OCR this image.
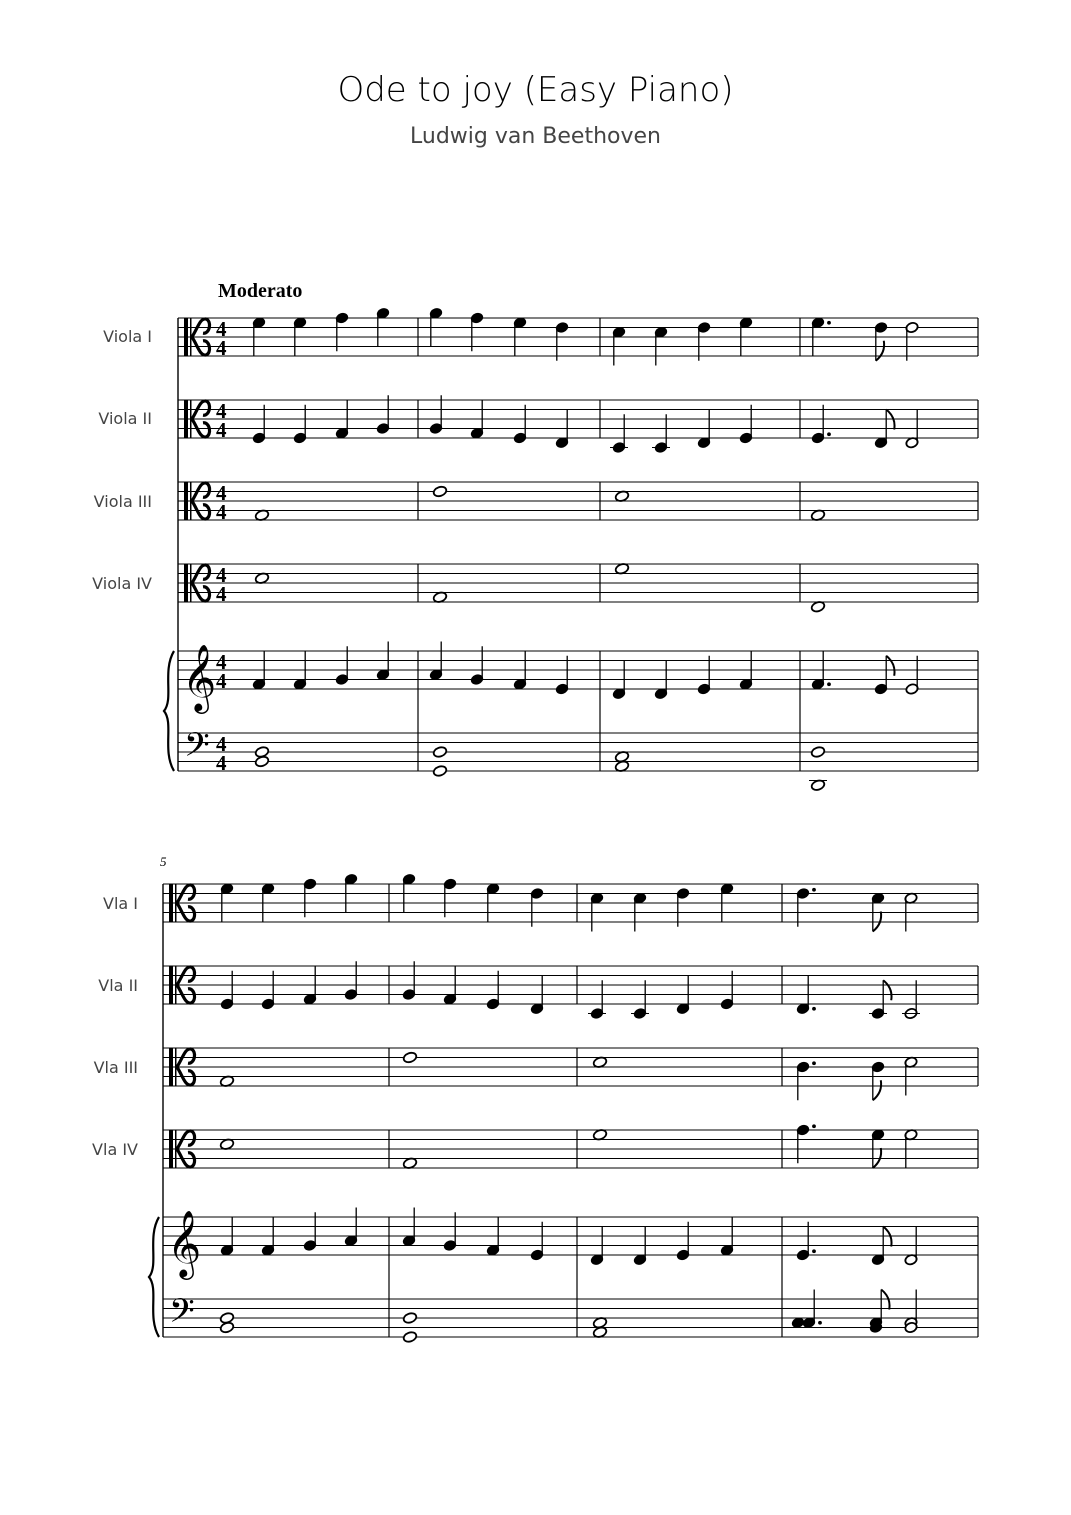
Ode to joy (Easy Piano)
Ludwig van Beethoven
Moderato
Viola I
Viola II
Viola III
Viola IV
Vla I
Vla II
Vla III
Vla IV
5
𝄞
𝄢
4
4
4
4
4
4
4
4
4
4
4
4
𝄞
𝄢
